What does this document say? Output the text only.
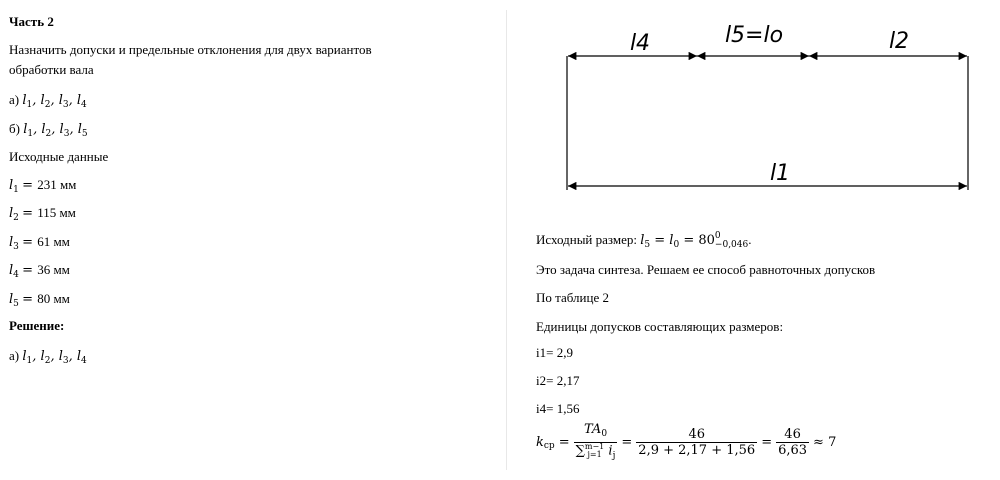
Часть 2
Назначить допуски и предельные отклонения для двух вариантов
обработки вала
а) $l_1$, $l_2$, $l_3$, $l_4$
б) $l_1$, $l_2$, $l_3$, $l_5$
Исходные данные
$l_1 = 231$ мм
$l_2 = 115$ мм
$l_3 = 61$ мм
$l_4 = 36$ мм
$l_5 = 80$ мм
Решение:
а) $l_1$, $l_2$, $l_3$, $l_4$
l4	l5=lo	l2
l1
Исходный размер: $l_5 = l_0 = 80$ 0
−0,046 .
Это задача синтеза. Решаем ее способ равноточных допусков
По таблице 2
Единицы допусков составляющих размеров:
i1= 2,9
i2= 2,17
i4= 1,56
k $_{cp} = TA_0$
∑ m−1
j=1 $i_j = \frac{46}{2,9 + 2,17 + 1,56} = \frac{46}{6,63} \approx 7$
